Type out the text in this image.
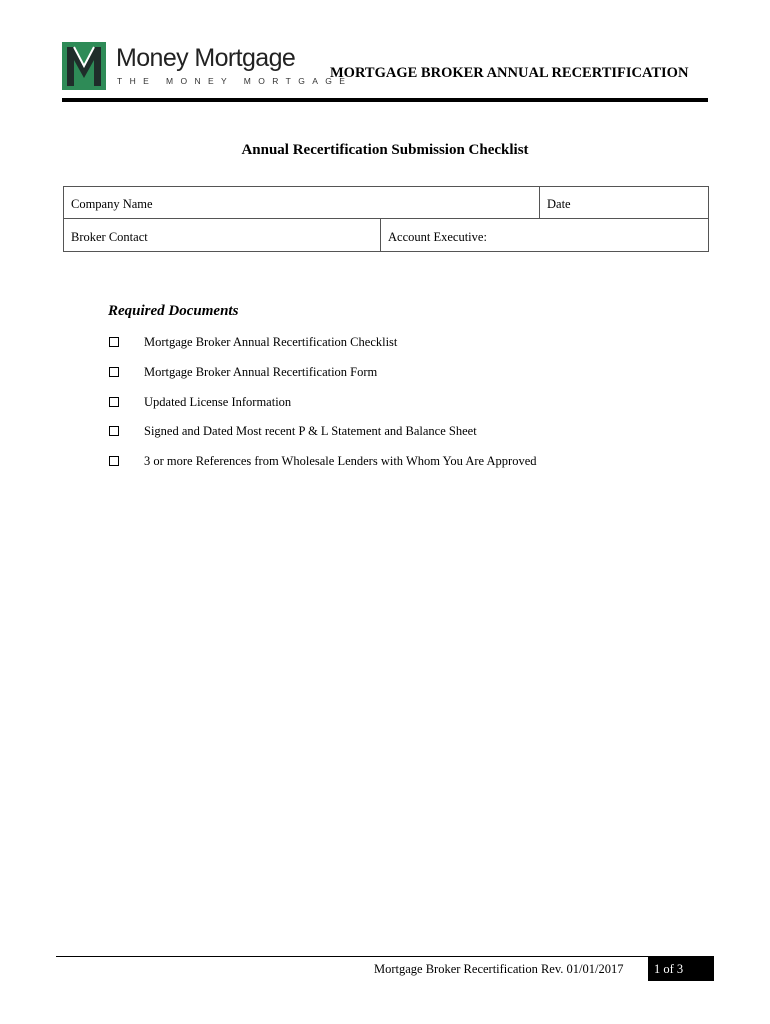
Money Mortgage
THE MONEY MORTGAGE
MORTGAGE BROKER ANNUAL RECERTIFICATION
Annual Recertification Submission Checklist
Company Name	Date
Broker Contact	Account Executive:
Required Documents
Mortgage Broker Annual Recertification Checklist
Mortgage Broker Annual Recertification Form
Updated License Information
Signed and Dated Most recent P & L Statement and Balance Sheet
3 or more References from Wholesale Lenders with Whom You Are Approved
Mortgage Broker Recertification Rev. 01/01/2017	1 of 3
